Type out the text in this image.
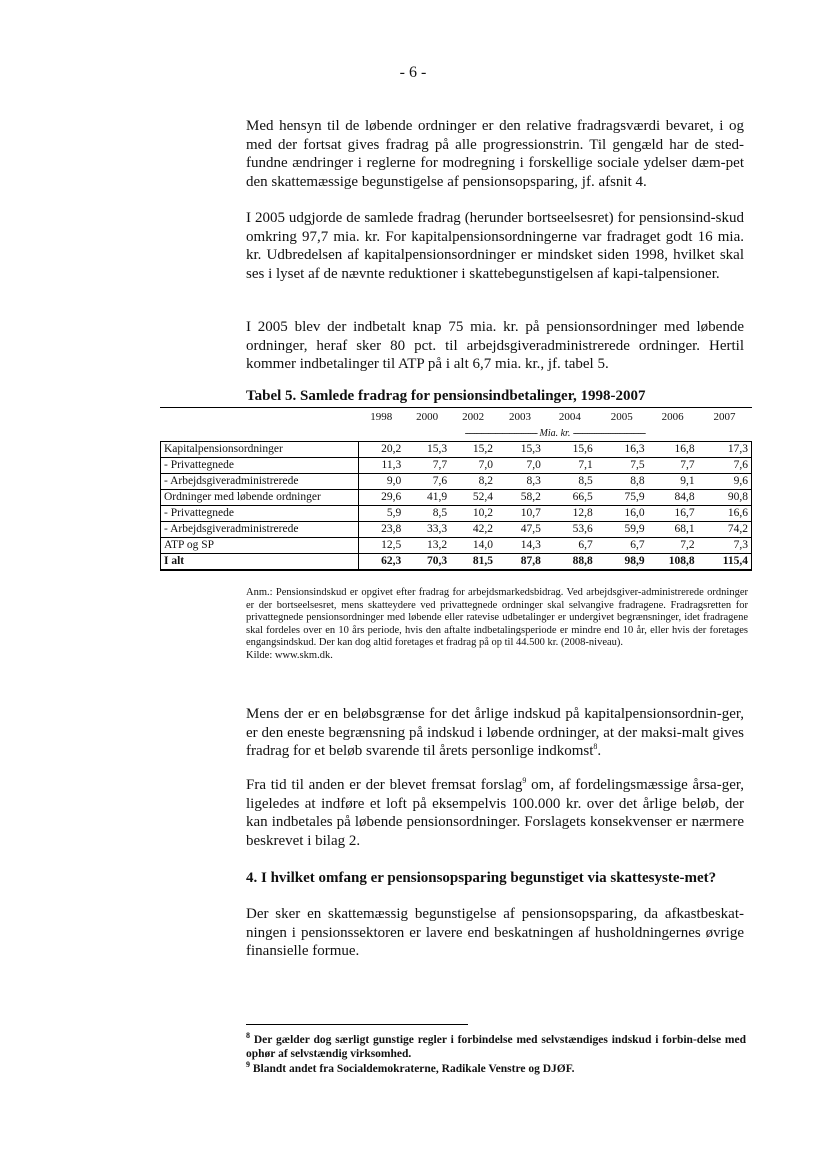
- 6 -

Med hensyn til de løbende ordninger er den relative fradragsværdi bevaret, i og med der fortsat gives fradrag på alle progressionstrin. Til gengæld har de sted-fundne ændringer i reglerne for modregning i forskellige sociale ydelser dæm-pet den skattemæssige begunstigelse af pensionsopsparing, jf. afsnit 4.

I 2005 udgjorde de samlede fradrag (herunder bortseelsesret) for pensionsind-skud omkring 97,7 mia. kr. For kapitalpensionsordningerne var fradraget godt 16 mia. kr. Udbredelsen af kapitalpensionsordninger er mindsket siden 1998, hvilket skal ses i lyset af de nævnte reduktioner i skattebegunstigelsen af kapi-talpensioner.

I 2005 blev der indbetalt knap 75 mia. kr. på pensionsordninger med løbende ordninger, heraf sker 80 pct. til arbejdsgiveradministrerede ordninger. Hertil kommer indbetalinger til ATP på i alt 6,7 mia. kr., jf. tabel 5.

Tabel 5. Samlede fradrag for pensionsindbetalinger, 1998-2007
	1998	2000	2002	2003	2004	2005	2006	2007
	------------------------------- Mia. kr. -------------------------------							
Kapitalpensionsordninger	20,2	15,3	15,2	15,3	15,6	16,3	16,8	17,3
- Privattegnede	11,3	7,7	7,0	7,0	7,1	7,5	7,7	7,6
- Arbejdsgiveradministrerede	9,0	7,6	8,2	8,3	8,5	8,8	9,1	9,6
Ordninger med løbende ordninger	29,6	41,9	52,4	58,2	66,5	75,9	84,8	90,8
- Privattegnede	5,9	8,5	10,2	10,7	12,8	16,0	16,7	16,6
- Arbejdsgiveradministrerede	23,8	33,3	42,2	47,5	53,6	59,9	68,1	74,2
ATP og SP	12,5	13,2	14,0	14,3	6,7	6,7	7,2	7,3
I alt	62,3	70,3	81,5	87,8	88,8	98,9	108,8	115,4

Anm.: Pensionsindskud er opgivet efter fradrag for arbejdsmarkedsbidrag. Ved arbejdsgiver-administrerede ordninger er der bortseelsesret, mens skatteydere ved privattegnede ordninger skal selvangive fradragene. Fradragsretten for privattegnede pensionsordninger med løbende eller ratevise udbetalinger er undergivet begrænsninger, idet fradragene skal fordeles over en 10 års periode, hvis den aftalte indbetalingsperiode er mindre end 10 år, eller hvis der foretages engangsindskud. Der kan dog altid foretages et fradrag på op til 44.500 kr. (2008-niveau).
Kilde: www.skm.dk.

Mens der er en beløbsgrænse for det årlige indskud på kapitalpensionsordnin-ger, er den eneste begrænsning på indskud i løbende ordninger, at der maksi-malt gives fradrag for et beløb svarende til årets personlige indkomst$^8$.

Fra tid til anden er der blevet fremsat forslag$^9$ om, af fordelingsmæssige årsa-ger, ligeledes at indføre et loft på eksempelvis 100.000 kr. over det årlige beløb, der kan indbetales på løbende pensionsordninger. Forslagets konsekvenser er nærmere beskrevet i bilag 2.

4. I hvilket omfang er pensionsopsparing begunstiget via skattesyste-met?

Der sker en skattemæssig begunstigelse af pensionsopsparing, da afkastbeskat-ningen i pensionssektoren er lavere end beskatningen af husholdningernes øvrige finansielle formue.

$^8$ Der gælder dog særligt gunstige regler i forbindelse med selvstændiges indskud i forbin-delse med ophør af selvstændig virksomhed.

$^9$ Blandt andet fra Socialdemokraterne, Radikale Venstre og DJØF.
